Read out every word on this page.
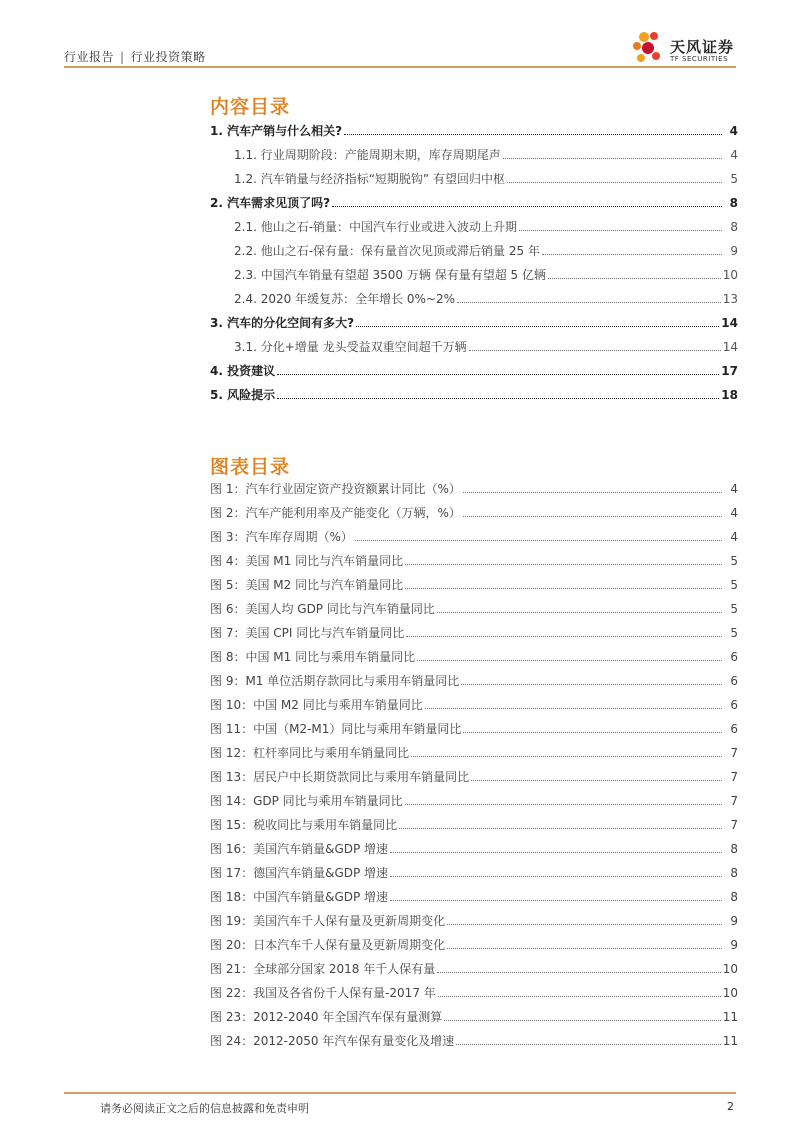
行业报告 | 行业投资策略
天风证券
TF SECURITIES
内容目录
1. 汽车产销与什么相关?	4
1.1. 行业周期阶段：产能周期末期，库存周期尾声	4
1.2. 汽车销量与经济指标“短期脱钩” 有望回归中枢	5
2. 汽车需求见顶了吗?	8
2.1. 他山之石-销量：中国汽车行业或进入波动上升期	8
2.2. 他山之石-保有量：保有量首次见顶或滞后销量 25 年	9
2.3. 中国汽车销量有望超 3500 万辆 保有量有望超 5 亿辆	10
2.4. 2020 年缓复苏：全年增长 0%~2%	13
3. 汽车的分化空间有多大?	14
3.1. 分化+增量 龙头受益双重空间超千万辆	14
4. 投资建议	17
5. 风险提示	18
图表目录
图 1：汽车行业固定资产投资额累计同比（%）	4
图 2：汽车产能利用率及产能变化（万辆，%）	4
图 3：汽车库存周期（%）	4
图 4：美国 M1 同比与汽车销量同比	5
图 5：美国 M2 同比与汽车销量同比	5
图 6：美国人均 GDP 同比与汽车销量同比	5
图 7：美国 CPI 同比与汽车销量同比	5
图 8：中国 M1 同比与乘用车销量同比	6
图 9：M1 单位活期存款同比与乘用车销量同比	6
图 10：中国 M2 同比与乘用车销量同比	6
图 11：中国（M2-M1）同比与乘用车销量同比	6
图 12：杠杆率同比与乘用车销量同比	7
图 13：居民户中长期贷款同比与乘用车销量同比	7
图 14：GDP 同比与乘用车销量同比	7
图 15：税收同比与乘用车销量同比	7
图 16：美国汽车销量&GDP 增速	8
图 17：德国汽车销量&GDP 增速	8
图 18：中国汽车销量&GDP 增速	8
图 19：美国汽车千人保有量及更新周期变化	9
图 20：日本汽车千人保有量及更新周期变化	9
图 21：全球部分国家 2018 年千人保有量	10
图 22：我国及各省份千人保有量-2017 年	10
图 23：2012-2040 年全国汽车保有量测算	11
图 24：2012-2050 年汽车保有量变化及增速	11
请务必阅读正文之后的信息披露和免责申明	2
